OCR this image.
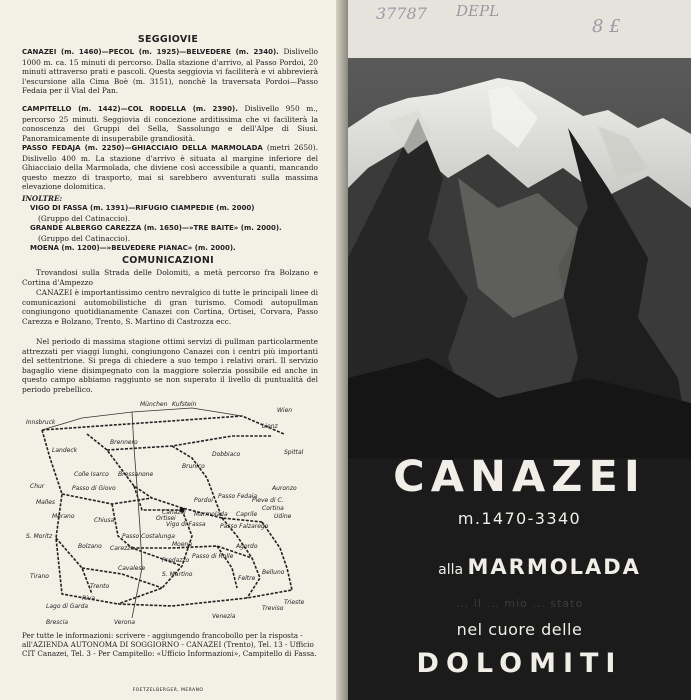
SEGGIOVIE
CANAZEI (m. 1460)—PECOL (m. 1925)—BELVEDERE (m. 2340). Dislivello 1000 m. ca. 15 minuti di percorso. Dalla stazione d'arrivo, al Passo Pordoi, 20 minuti attraverso prati e pascoli. Questa seggiovia vi faciliterà e vi abbrevierà l'escursione alla Cima Boè (m. 3151), nonchè la traversata Pordoi—Passo Fedaia per il Vial del Pan.
CAMPITELLO (m. 1442)—COL RODELLA (m. 2390). Dislivello 950 m., percorso 25 minuti. Seggiovia di concezione arditissima che vi faciliterà la conoscenza dei Gruppi del Sella, Sassolungo e dell'Alpe di Siusi. Panoramicamente di insuperabile grandiosità.
PASSO FEDAJA (m. 2250)—GHIACCIAIO DELLA MARMOLADA (metri 2650). Dislivello 400 m. La stazione d'arrivo è situata al margine inferiore del Ghiacciaio della Marmolada, che diviene così accessibile a quanti, mancando questo mezzo di trasporto, mai si sarebbero avventurati sulla massima elevazione dolomitica.
INOLTRE:
VIGO DI FASSA (m. 1391)—RIFUGIO CIAMPEDIE (m. 2000)
(Gruppo del Catinaccio).
GRANDE ALBERGO CAREZZA (m. 1650)—»TRE BAITE» (m. 2000).
(Gruppo del Catinaccio).
MOENA (m. 1200)—»BELVEDERE PIANAC» (m. 2000).
COMUNICAZIONI
Trovandosi sulla Strada delle Dolomiti, a metà percorso fra Bolzano e Cortina d'Ampezzo
CANAZEI è importantissimo centro nevralgico di tutte le principali linee di comunicazioni automobilistiche di gran turismo. Comodi autopullman congiungono quotidianamente Canazei con Cortina, Ortisei, Corvara, Passo Carezza e Bolzano, Trento, S. Martino di Castrozza ecc.
Nel periodo di massima stagione ottimi servizi di pullman particolarmente attrezzati per viaggi lunghi, congiungono Canazei con i centri più importanti del settentrione. Si prega di chiedere a suo tempo i relativi orari. Il servizio bagaglio viene disimpegnato con la maggiore solerzia possibile ed anche in questo campo abbiamo raggiunto se non superato il livello di puntualità del periodo prebellico.
München
Innsbruck
Wien
Kufstein
Landeck
Brennero
Chur
Malles
Passo di Giovo
Colle Isarco
Dobbiaco
Lienz
Spittal
Bressanone
Brunico
Cortina
Merano
Chiusa
S. Moritz
Ortisei
Passo Falzarego
Pordoi
Caprile
Canazei
Bolzano
Vigo di Fassa
Moena
Carezza
Passo di Rolle
Agordo
Belluno
Cavalese
Predazzo
Passo Costalunga
Passo Fedaia
Marmolada
Tirano
Trento
S. Martino
Feltre
Treviso
Riva
Lago di Garda
Brescia	Verona
Venezia
Trieste
Udine
Auronzo
Pieve di C.
Per tutte le informazioni: scrivere - aggiungendo francobollo per la risposta - all'AZIENDA AUTONOMA DI SOGGIORNO - CANAZEI (Trento), Tel. 13 - Ufficio CIT Canazei, Tel. 3 - Per Campitello: «Ufficio Informazioni», Campitello di Fassa.
FOETZELBERGER, MERANO
37787 DEPL
8 £
CANAZEI
m.1470-3340
alla MARMOLADA
... il ... mio ... stato
nel cuore delle
DOLOMITI
